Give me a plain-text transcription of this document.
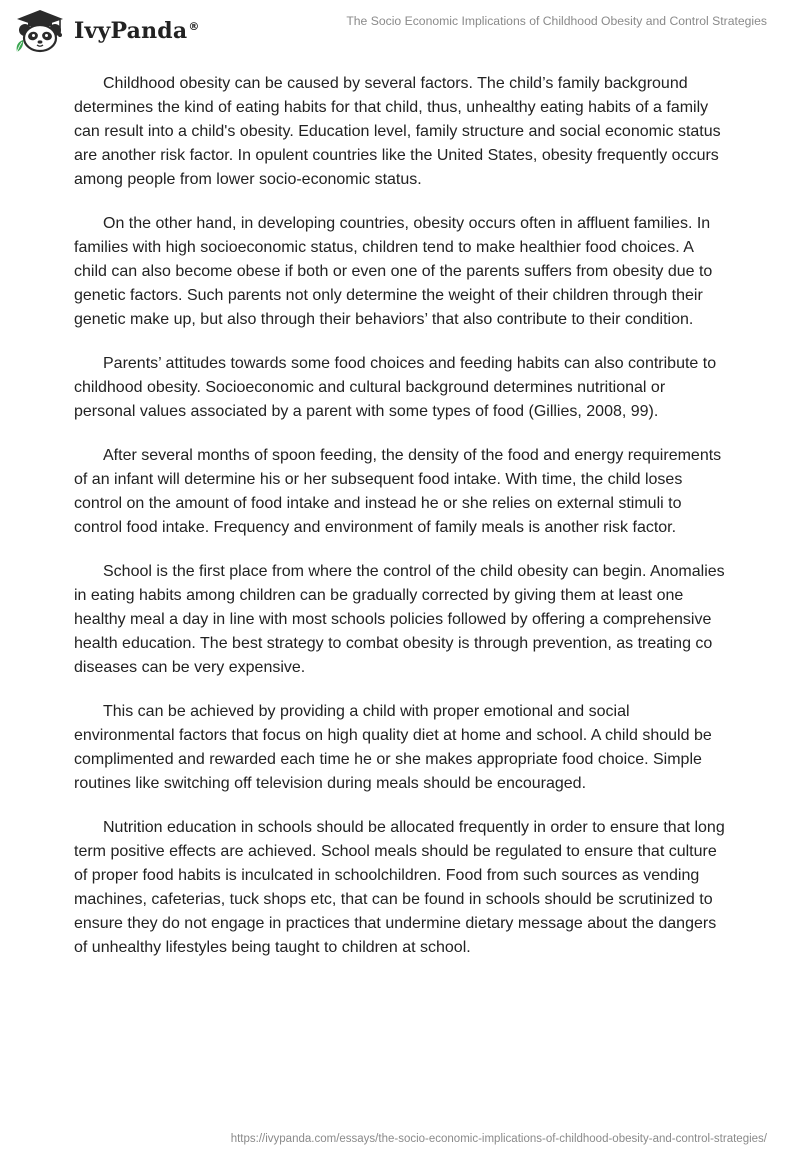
IvyPanda®	The Socio Economic Implications of Childhood Obesity and Control Strategies

Childhood obesity can be caused by several factors. The child’s family background determines the kind of eating habits for that child, thus, unhealthy eating habits of a family can result into a child's obesity. Education level, family structure and social economic status are another risk factor. In opulent countries like the United States, obesity frequently occurs among people from lower socio-economic status.

On the other hand, in developing countries, obesity occurs often in affluent families. In families with high socioeconomic status, children tend to make healthier food choices. A child can also become obese if both or even one of the parents suffers from obesity due to genetic factors. Such parents not only determine the weight of their children through their genetic make up, but also through their behaviors’ that also contribute to their condition.

Parents’ attitudes towards some food choices and feeding habits can also contribute to childhood obesity. Socioeconomic and cultural background determines nutritional or personal values associated by a parent with some types of food (Gillies, 2008, 99).

After several months of spoon feeding, the density of the food and energy requirements of an infant will determine his or her subsequent food intake. With time, the child loses control on the amount of food intake and instead he or she relies on external stimuli to control food intake. Frequency and environment of family meals is another risk factor.

School is the first place from where the control of the child obesity can begin. Anomalies in eating habits among children can be gradually corrected by giving them at least one healthy meal a day in line with most schools policies followed by offering a comprehensive health education. The best strategy to combat obesity is through prevention, as treating co diseases can be very expensive.

This can be achieved by providing a child with proper emotional and social environmental factors that focus on high quality diet at home and school. A child should be complimented and rewarded each time he or she makes appropriate food choice. Simple routines like switching off television during meals should be encouraged.

Nutrition education in schools should be allocated frequently in order to ensure that long term positive effects are achieved. School meals should be regulated to ensure that culture of proper food habits is inculcated in schoolchildren. Food from such sources as vending machines, cafeterias, tuck shops etc, that can be found in schools should be scrutinized to ensure they do not engage in practices that undermine dietary message about the dangers of unhealthy lifestyles being taught to children at school.

https://ivypanda.com/essays/the-socio-economic-implications-of-childhood-obesity-and-control-strategies/
